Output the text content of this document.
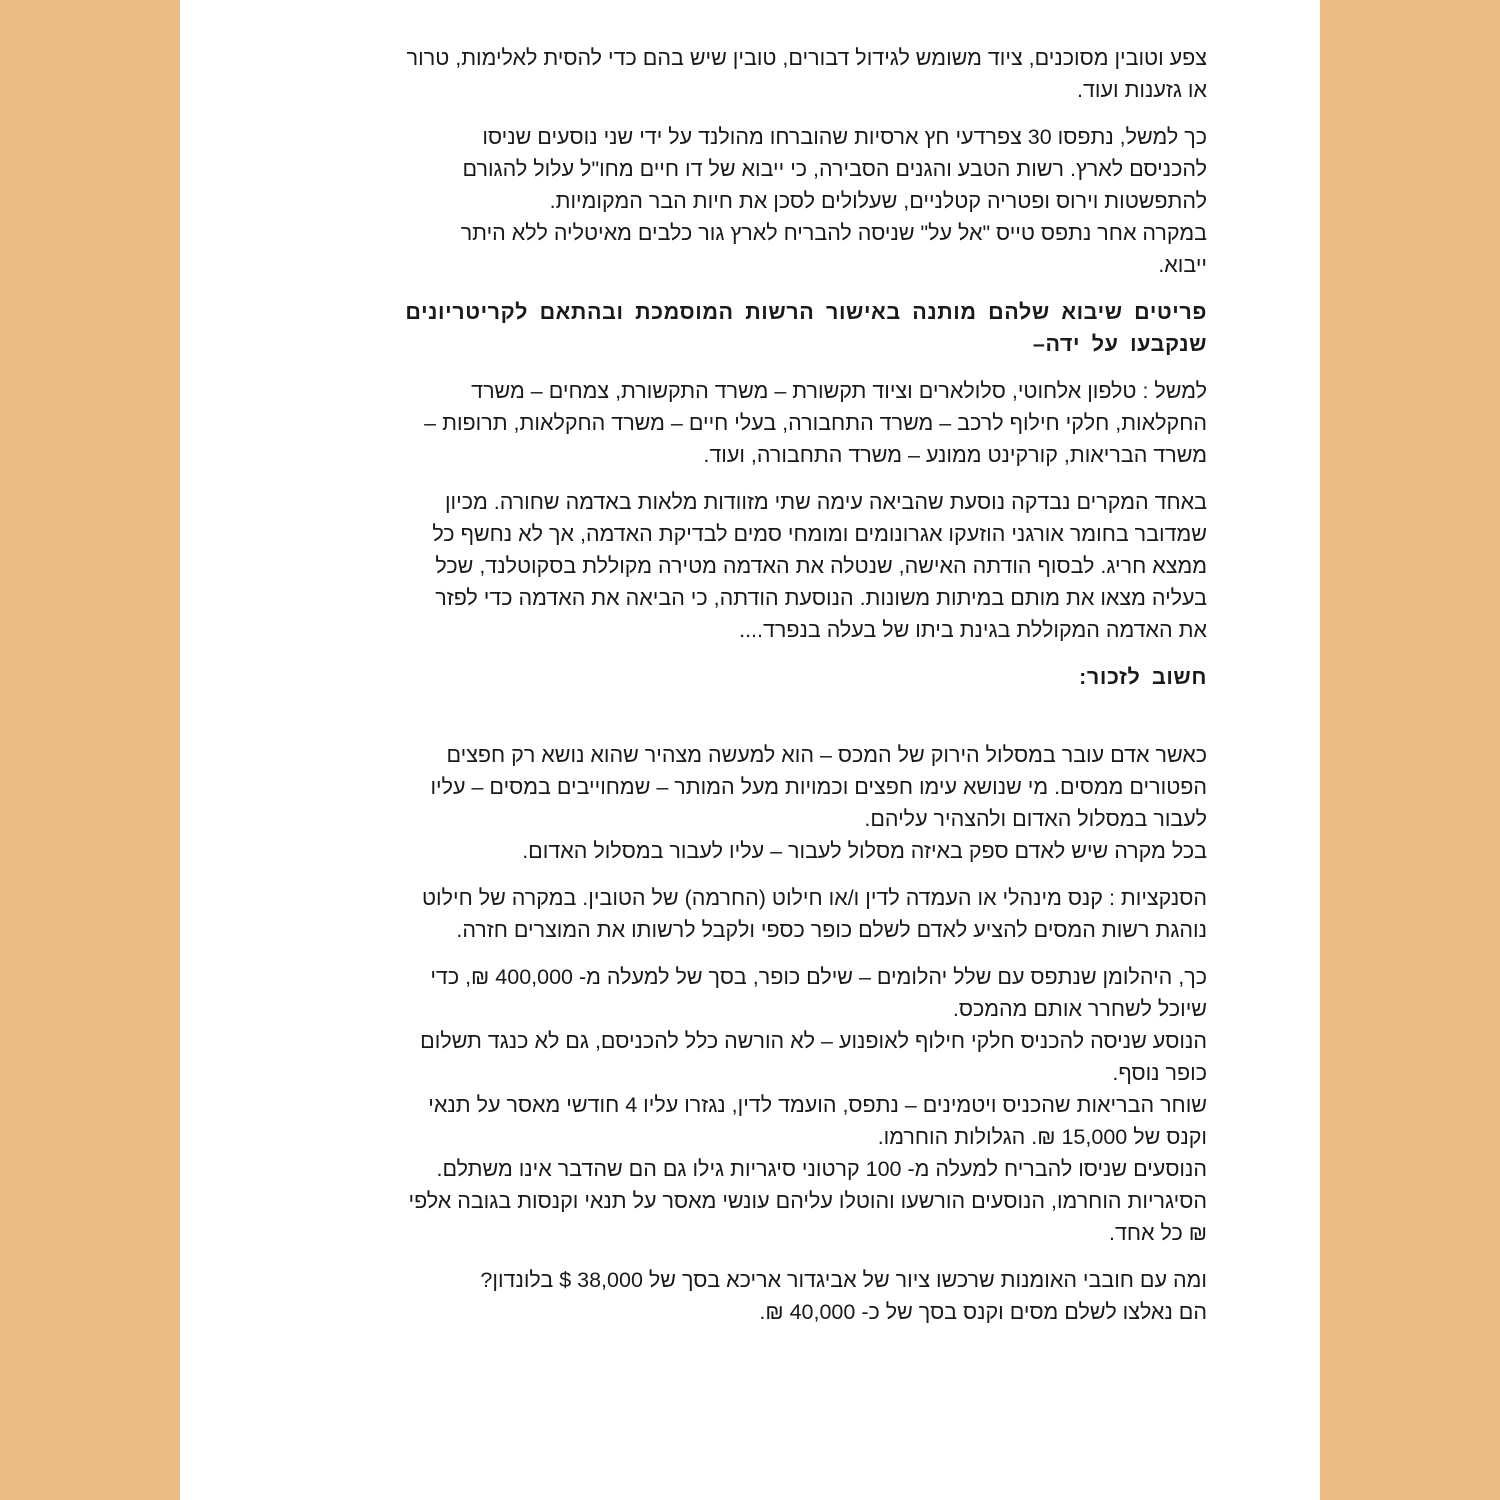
צפע וטובין מסוכנים, ציוד משומש לגידול דבורים, טובין שיש בהם כדי להסית לאלימות, טרור
או גזענות ועוד.
כך למשל, נתפסו 30 צפרדעי חץ ארסיות שהוברחו מהולנד על ידי שני נוסעים שניסו
להכניסם לארץ. רשות הטבע והגנים הסבירה, כי ייבוא של דו חיים מחו"ל עלול להגורם
להתפשטות וירוס ופטריה קטלניים, שעלולים לסכן את חיות הבר המקומיות.
במקרה אחר נתפס טייס "אל על" שניסה להבריח לארץ גור כלבים מאיטליה ללא היתר
ייבוא.
פריטים שיבוא שלהם מותנה באישור הרשות המוסמכת ובהתאם לקריטריונים
שנקבעו על ידה–
למשל : טלפון אלחוטי, סלולארים וציוד תקשורת – משרד התקשורת, צמחים – משרד
החקלאות, חלקי חילוף לרכב – משרד התחבורה, בעלי חיים – משרד החקלאות, תרופות –
משרד הבריאות, קורקינט ממונע – משרד התחבורה, ועוד.
באחד המקרים נבדקה נוסעת שהביאה עימה שתי מזוודות מלאות באדמה שחורה. מכיון
שמדובר בחומר אורגני הוזעקו אגרונומים ומומחי סמים לבדיקת האדמה, אך לא נחשף כל
ממצא חריג. לבסוף הודתה האישה, שנטלה את האדמה מטירה מקוללת בסקוטלנד, שכל
בעליה מצאו את מותם במיתות משונות. הנוסעת הודתה, כי הביאה את האדמה כדי לפזר
את האדמה המקוללת בגינת ביתו של בעלה בנפרד....
חשוב לזכור:
כאשר אדם עובר במסלול הירוק של המכס – הוא למעשה מצהיר שהוא נושא רק חפצים
הפטורים ממסים. מי שנושא עימו חפצים וכמויות מעל המותר – שמחוייבים במסים – עליו
לעבור במסלול האדום ולהצהיר עליהם.
בכל מקרה שיש לאדם ספק באיזה מסלול לעבור – עליו לעבור במסלול האדום.
הסנקציות : קנס מינהלי או העמדה לדין ו/או חילוט (החרמה) של הטובין. במקרה של חילוט
נוהגת רשות המסים להציע לאדם לשלם כופר כספי ולקבל לרשותו את המוצרים חזרה.
כך, היהלומן שנתפס עם שלל יהלומים – שילם כופר, בסך של למעלה מ- 400,000 ₪, כדי
שיוכל לשחרר אותם מהמכס.
הנוסע שניסה להכניס חלקי חילוף לאופנוע – לא הורשה כלל להכניסם, גם לא כנגד תשלום
כופר נוסף.
שוחר הבריאות שהכניס ויטמינים – נתפס, הועמד לדין, נגזרו עליו 4 חודשי מאסר על תנאי
וקנס של 15,000 ₪. הגלולות הוחרמו.
הנוסעים שניסו להבריח למעלה מ- 100 קרטוני סיגריות גילו גם הם שהדבר אינו משתלם.
הסיגריות הוחרמו, הנוסעים הורשעו והוטלו עליהם עונשי מאסר על תנאי וקנסות בגובה אלפי
₪ כל אחד.
ומה עם חובבי האומנות שרכשו ציור של אביגדור אריכא בסך של 38,000 $ בלונדון?
הם נאלצו לשלם מסים וקנס בסך של כ- 40,000 ₪.
